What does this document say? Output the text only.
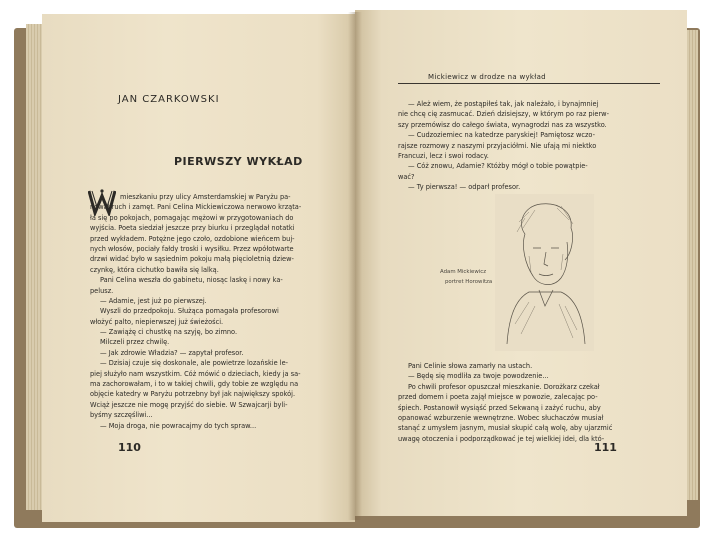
JAN CZARKOWSKI

PIERWSZY WYKŁAD

mieszkaniu przy ulicy Amsterdamskiej w Paryżu pa-
nował ruch i zamęt. Pani Celina Mickiewiczowa nerwowo krząta-
ła się po pokojach, pomagając mężowi w przygotowaniach do
wyjścia. Poeta siedział jeszcze przy biurku i przeglądał notatki
przed wykładem. Potężne jego czoło, ozdobione wieńcem buj-
nych włosów, pociały fałdy troski i wysiłku. Przez wpółotwarte
drzwi widać było w sąsiednim pokoju małą pięcioletnią dziew-
czynkę, która cichutko bawiła się lalką.
Pani Celina weszła do gabinetu, niosąc laskę i nowy ka-
pelusz.
— Adamie, jest już po pierwszej.
Wyszli do przedpokoju. Służąca pomagała profesorowi
włożyć palto, niepierwszej już świeżości.
— Zawiążę ci chustkę na szyję, bo zimno.
Milczeli przez chwilę.
— Jak zdrowie Władzia? — zapytał profesor.
— Dzisiaj czuje się doskonale, ale powietrze lozańskie le-
piej służyło nam wszystkim. Cóż mówić o dzieciach, kiedy ja sa-
ma zachorowałam, i to w takiej chwili, gdy tobie ze względu na
objęcie katedry w Paryżu potrzebny był jak największy spokój.
Wciąż jeszcze nie mogę przyjść do siebie. W Szwajcarji byli-
byśmy szczęśliwi...
— Moja droga, nie powracajmy do tych spraw...

110

Mickiewicz w drodze na wykład

— Ależ wiem, że postąpiłeś tak, jak należało, i bynajmniej
nie chcę cię zasmucać. Dzień dzisiejszy, w którym po raz pierw-
szy przemówisz do całego świata, wynagrodzi nas za wszystko.
— Cudzoziemiec na katedrze paryskiej! Pamiętosz wczo-
rajsze rozmowy z naszymi przyjaciółmi. Nie ufają mi niektko
Francuzi, lecz i swoi rodacy.
— Cóż znowu, Adamie? Któżby mógł o tobie powątpie-
wać?
— Ty pierwsza! — odparł profesor.

Adam Mickiewicz

portret Horowitza

Pani Celinie słowa zamarły na ustach.
— Będę się modliła za twoje powodzenie...
Po chwili profesor opuszczał mieszkanie. Dorożkarz czekał
przed domem i poeta zajął miejsce w powozie, zalecając po-
śpiech. Postanowił wysiąść przed Sekwaną i zażyć ruchu, aby
opanować wzburzenie wewnętrzne. Wobec słuchaczów musiał
stanąć z umysłem jasnym, musiał skupić całą wolę, aby ujarzmić
uwagę otoczenia i podporządkować je tej wielkiej idei, dla któ-

111
